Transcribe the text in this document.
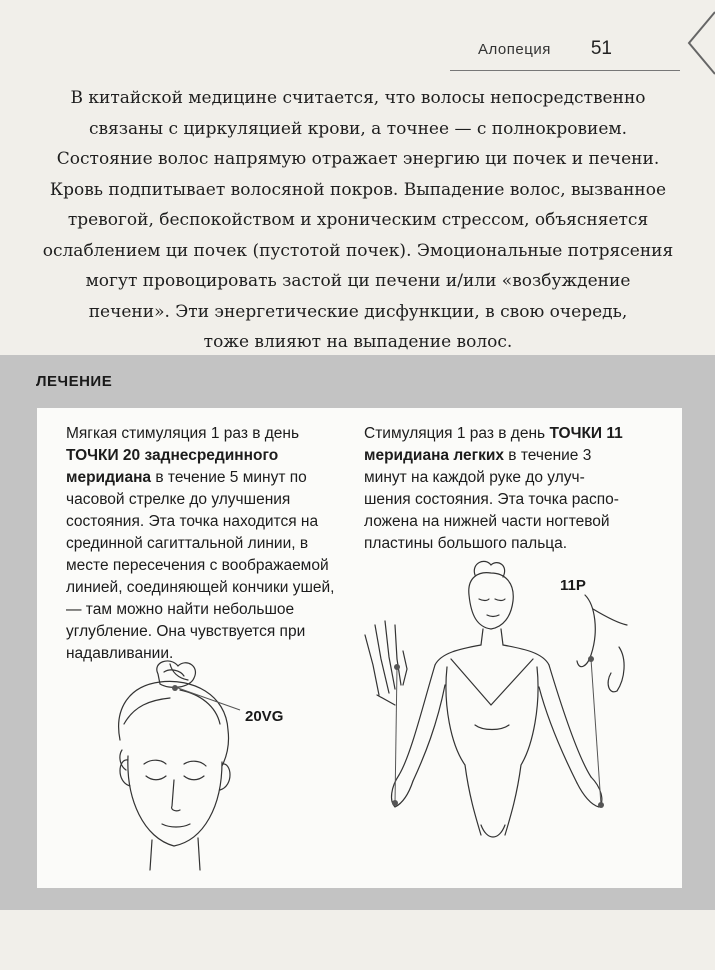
Алопеция 51
В китайской медицине считается, что волосы непосредственно
связаны с циркуляцией крови, а точнее — с полнокровием.
Состояние волос напрямую отражает энергию ци почек и печени.
Кровь подпитывает волосяной покров. Выпадение волос, вызванное
тревогой, беспокойством и хроническим стрессом, объясняется
ослаблением ци почек (пустотой почек). Эмоциональные потрясения
могут провоцировать застой ци печени и/или «возбуждение
печени». Эти энергетические дисфункции, в свою очередь,
тоже влияют на выпадение волос.
ЛЕЧЕНИЕ
Мягкая стимуляция 1 раз в день ТОЧКИ 20 заднесрединного меридиана в течение 5 минут по часовой стрелке до улучшения состояния. Эта точка находится на срединной сагиттальной линии, в месте пересечения с воображаемой линией, соединяющей кончики ушей, — там можно найти небольшое углубление. Она чувствуется при надавливании.
Стимуляция 1 раз в день ТОЧКИ 11 меридиана легких в течение 3 минут на каждой руке до улучшения состояния. Эта точка расположена на нижней части ногтевой пластины большого пальца.
20VG
11P
